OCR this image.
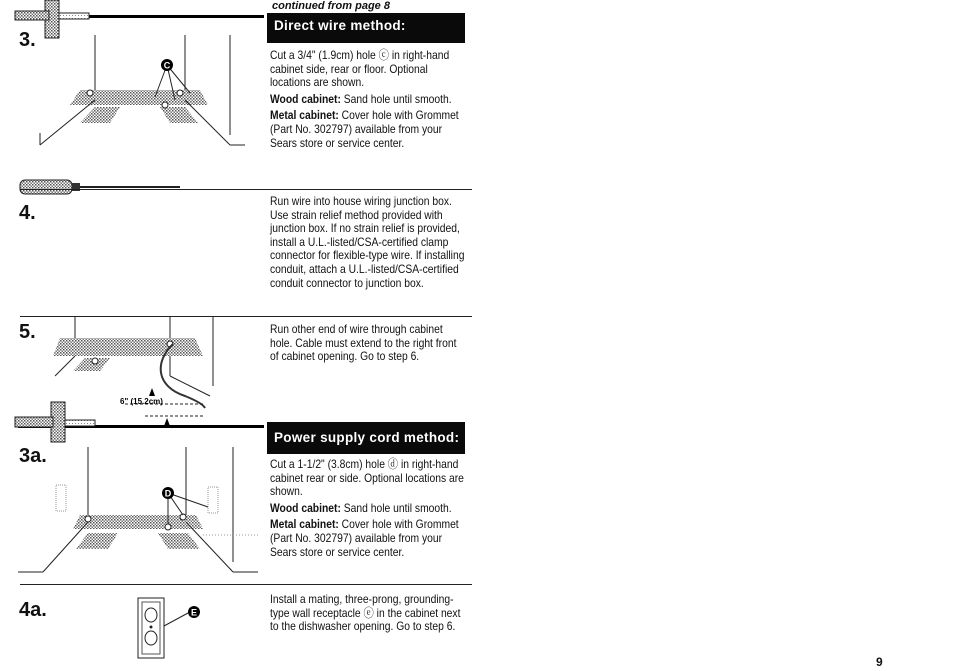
continued from page 8
3.
C
Direct wire method:

Cut a 3/4" (1.9cm) hole ⓒ in right-hand cabinet side, rear or floor. Optional locations are shown.

Wood cabinet: Sand hole until smooth.

Metal cabinet: Cover hole with Grommet (Part No. 302797) available from your Sears store or service center.

4.
Run wire into house wiring junction box. Use strain relief method provided with junction box. If no strain relief is provided, install a U.L.-listed/CSA-certified clamp connector for flexible-type wire. If installing conduit, attach a U.L.-listed/CSA-certified conduit connector to junction box.
5.
6" (15.2cm)
Run other end of wire through cabinet hole. Cable must extend to the right front of cabinet opening. Go to step 6.
3a.
Power supply cord method:
D

Cut a 1-1/2" (3.8cm) hole ⓓ in right-hand cabinet rear or side. Optional locations are shown.

Wood cabinet: Sand hole until smooth.

Metal cabinet: Cover hole with Grommet (Part No. 302797) available from your Sears store or service center.

4a.	E
Install a mating, three-prong, grounding-type wall receptacle ⓔ in the cabinet next to the dishwasher opening. Go to step 6.
9
